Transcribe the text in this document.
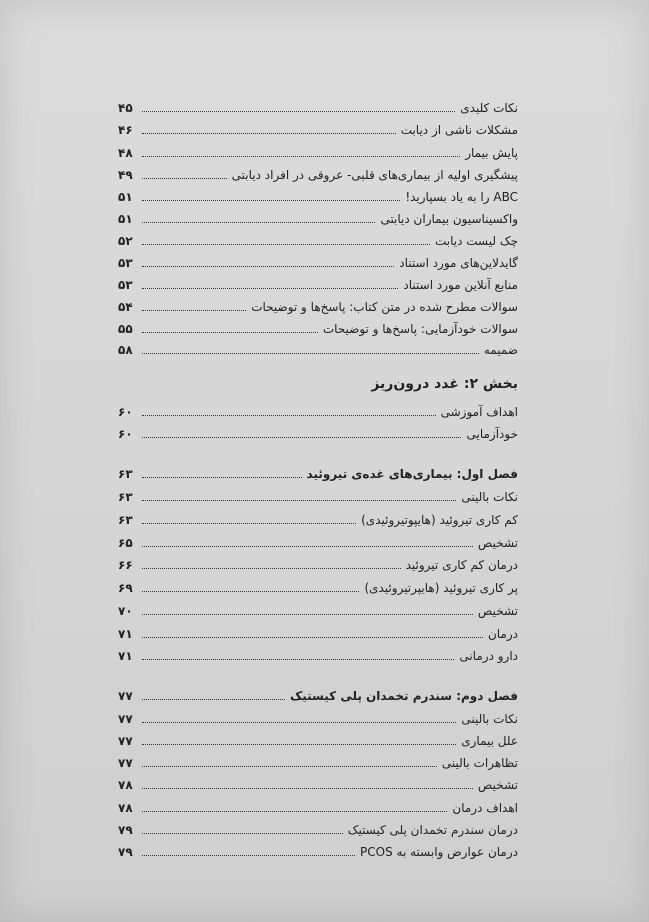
نکات کلیدی
۴۵
مشکلات ناشی از دیابت
۴۶
پایش بیمار
۴۸
پیشگیری اولیه از بیماری‌های قلبی- عروقی در افراد دیابتی
۴۹
ABC را به یاد بسپارید!
۵۱
واکسیناسیون بیماران دیابتی
۵۱
چک لیست دیابت
۵۲
گایدلاین‌های مورد استناد
۵۳
منابع آنلاین مورد استناد
۵۳
سوالات مطرح شده در متن کتاب: پاسخ‌ها و توضیحات
۵۴
سوالات خودآزمایی: پاسخ‌ها و توضیحات
۵۵
ضمیمه
۵۸
بخش ۲: غدد درون‌ریز
اهداف آموزشی
۶۰
خودآزمایی
۶۰
فصل اول: بیماری‌های غده‌ی تیروئید
۶۳
نکات بالینی
۶۳
کم کاری تیروئید (هایپوتیروئیدی)
۶۳
تشخیص
۶۵
درمان کم کاری تیروئید
۶۶
پر کاری تیروئید (هایپرتیروئیدی)
۶۹
تشخیص
۷۰
درمان
۷۱
دارو درمانی
۷۱
فصل دوم: سندرم تخمدان پلی کیستیک
۷۷
نکات بالینی
۷۷
علل بیماری
۷۷
تظاهرات بالینی
۷۷
تشخیص
۷۸
اهداف درمان
۷۸
درمان سندرم تخمدان پلی کیستیک
۷۹
درمان عوارض وابسته به PCOS
۷۹
